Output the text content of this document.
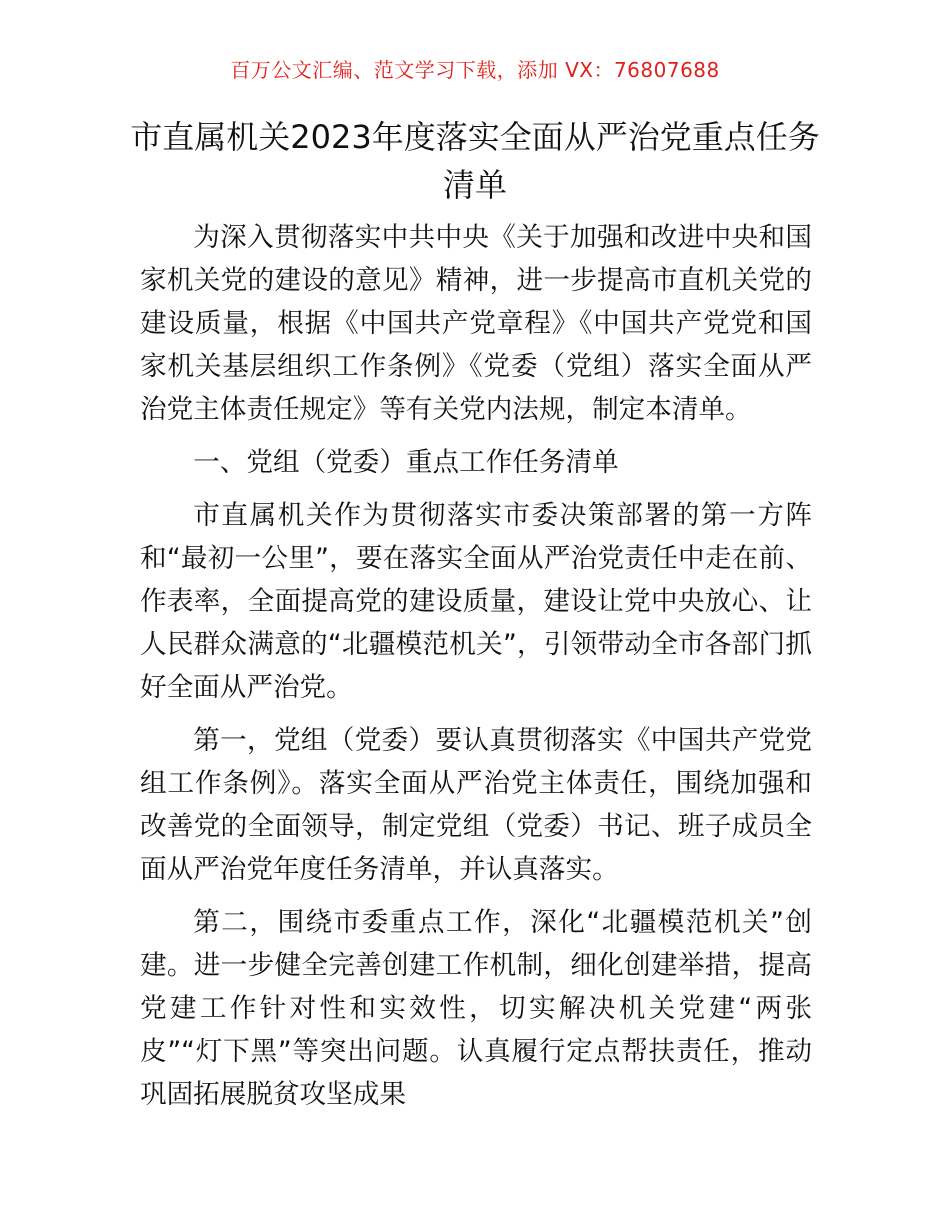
百万公文汇编、范文学习下载，添加 VX：76807688
市直属机关2023年度落实全面从严治党重点任务清单

为深入贯彻落实中共中央《关于加强和改进中央和国家机关党的建设的意见》精神，进一步提高市直机关党的建设质量，根据《中国共产党章程》《中国共产党党和国家机关基层组织工作条例》《党委（党组）落实全面从严治党主体责任规定》等有关党内法规，制定本清单。

一、党组（党委）重点工作任务清单

市直属机关作为贯彻落实市委决策部署的第一方阵和“最初一公里”，要在落实全面从严治党责任中走在前、作表率，全面提高党的建设质量，建设让党中央放心、让人民群众满意的“北疆模范机关”，引领带动全市各部门抓好全面从严治党。

第一，党组（党委）要认真贯彻落实《中国共产党党组工作条例》。落实全面从严治党主体责任，围绕加强和改善党的全面领导，制定党组（党委）书记、班子成员全面从严治党年度任务清单，并认真落实。

第二，围绕市委重点工作，深化“北疆模范机关”创建。进一步健全完善创建工作机制，细化创建举措，提高党建工作针对性和实效性，切实解决机关党建“两张皮”“灯下黑”等突出问题。认真履行定点帮扶责任，推动巩固拓展脱贫攻坚成果
